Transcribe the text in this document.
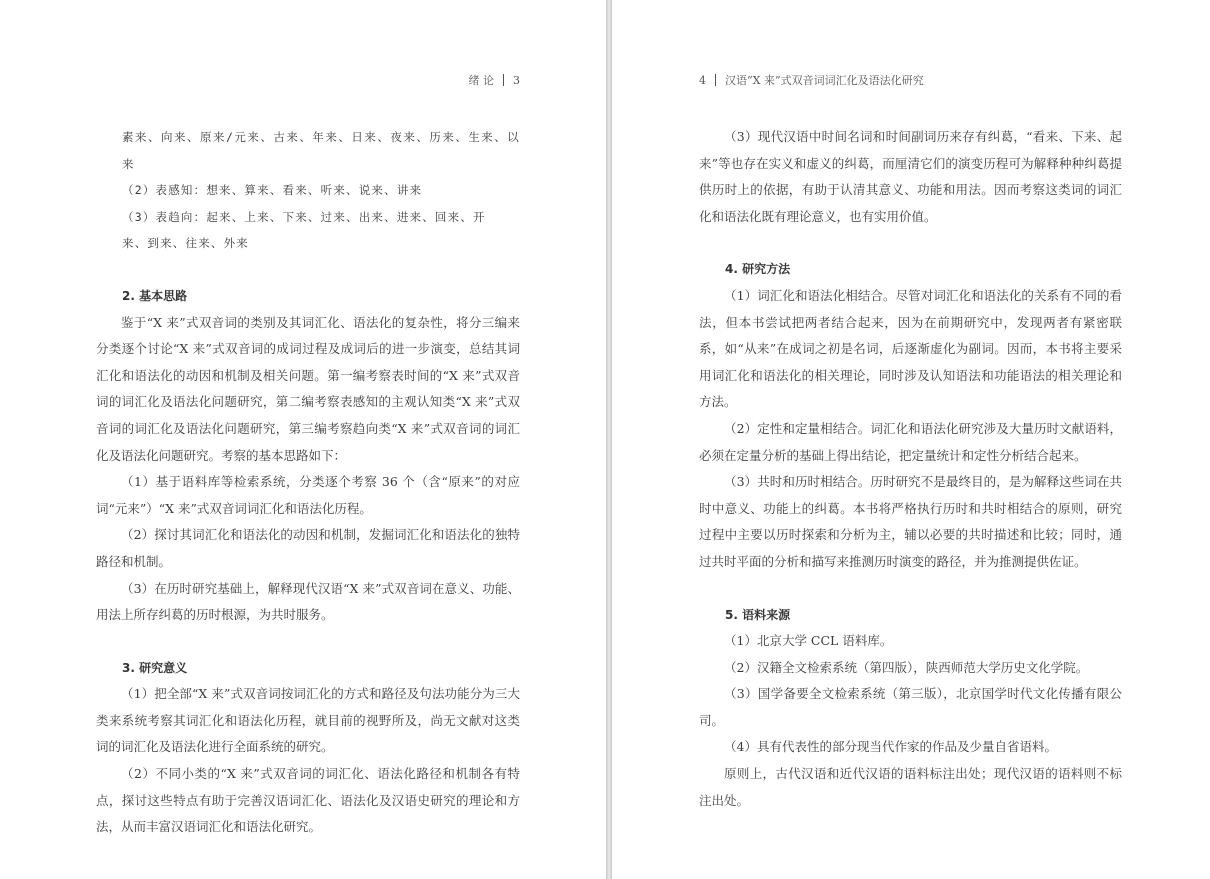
绪 论 3

素来、向来、原来/元来、古来、年来、日来、夜来、历来、生来、以来

（2）表感知：想来、算来、看来、听来、说来、讲来

（3）表趋向：起来、上来、下来、过来、出来、进来、回来、开

来、到来、往来、外来

2. 基本思路

鉴于“X 来”式双音词的类别及其词汇化、语法化的复杂性，将分三编来分类逐个讨论“X 来”式双音词的成词过程及成词后的进一步演变，总结其词汇化和语法化的动因和机制及相关问题。第一编考察表时间的“X 来”式双音词的词汇化及语法化问题研究，第二编考察表感知的主观认知类“X 来”式双音词的词汇化及语法化问题研究，第三编考察趋向类“X 来”式双音词的词汇化及语法化问题研究。考察的基本思路如下：

（1）基于语料库等检索系统，分类逐个考察 36 个（含“原来”的对应词“元来”）“X 来”式双音词词汇化和语法化历程。

（2）探讨其词汇化和语法化的动因和机制，发掘词汇化和语法化的独特路径和机制。

（3）在历时研究基础上，解释现代汉语“X 来”式双音词在意义、功能、用法上所存纠葛的历时根源，为共时服务。

3. 研究意义

（1）把全部“X 来”式双音词按词汇化的方式和路径及句法功能分为三大类来系统考察其词汇化和语法化历程，就目前的视野所及，尚无文献对这类词的词汇化及语法化进行全面系统的研究。

（2）不同小类的“X 来”式双音词的词汇化、语法化路径和机制各有特点，探讨这些特点有助于完善汉语词汇化、语法化及汉语史研究的理论和方法，从而丰富汉语词汇化和语法化研究。

4 汉语“X 来”式双音词词汇化及语法化研究

（3）现代汉语中时间名词和时间副词历来存有纠葛，“看来、下来、起来”等也存在实义和虚义的纠葛，而厘清它们的演变历程可为解释种种纠葛提供历时上的依据，有助于认清其意义、功能和用法。因而考察这类词的词汇化和语法化既有理论意义，也有实用价值。

4. 研究方法

（1）词汇化和语法化相结合。尽管对词汇化和语法化的关系有不同的看法，但本书尝试把两者结合起来，因为在前期研究中，发现两者有紧密联系，如“从来”在成词之初是名词，后逐渐虚化为副词。因而，本书将主要采用词汇化和语法化的相关理论，同时涉及认知语法和功能语法的相关理论和方法。

（2）定性和定量相结合。词汇化和语法化研究涉及大量历时文献语料，必须在定量分析的基础上得出结论，把定量统计和定性分析结合起来。

（3）共时和历时相结合。历时研究不是最终目的，是为解释这些词在共时中意义、功能上的纠葛。本书将严格执行历时和共时相结合的原则，研究过程中主要以历时探索和分析为主，辅以必要的共时描述和比较；同时，通过共时平面的分析和描写来推测历时演变的路径，并为推测提供佐证。

5. 语料来源

（1）北京大学 CCL 语料库。

（2）汉籍全文检索系统（第四版），陕西师范大学历史文化学院。

（3）国学备要全文检索系统（第三版），北京国学时代文化传播有限公司。

（4）具有代表性的部分现当代作家的作品及少量自省语料。

原则上，古代汉语和近代汉语的语料标注出处；现代汉语的语料则不标注出处。
